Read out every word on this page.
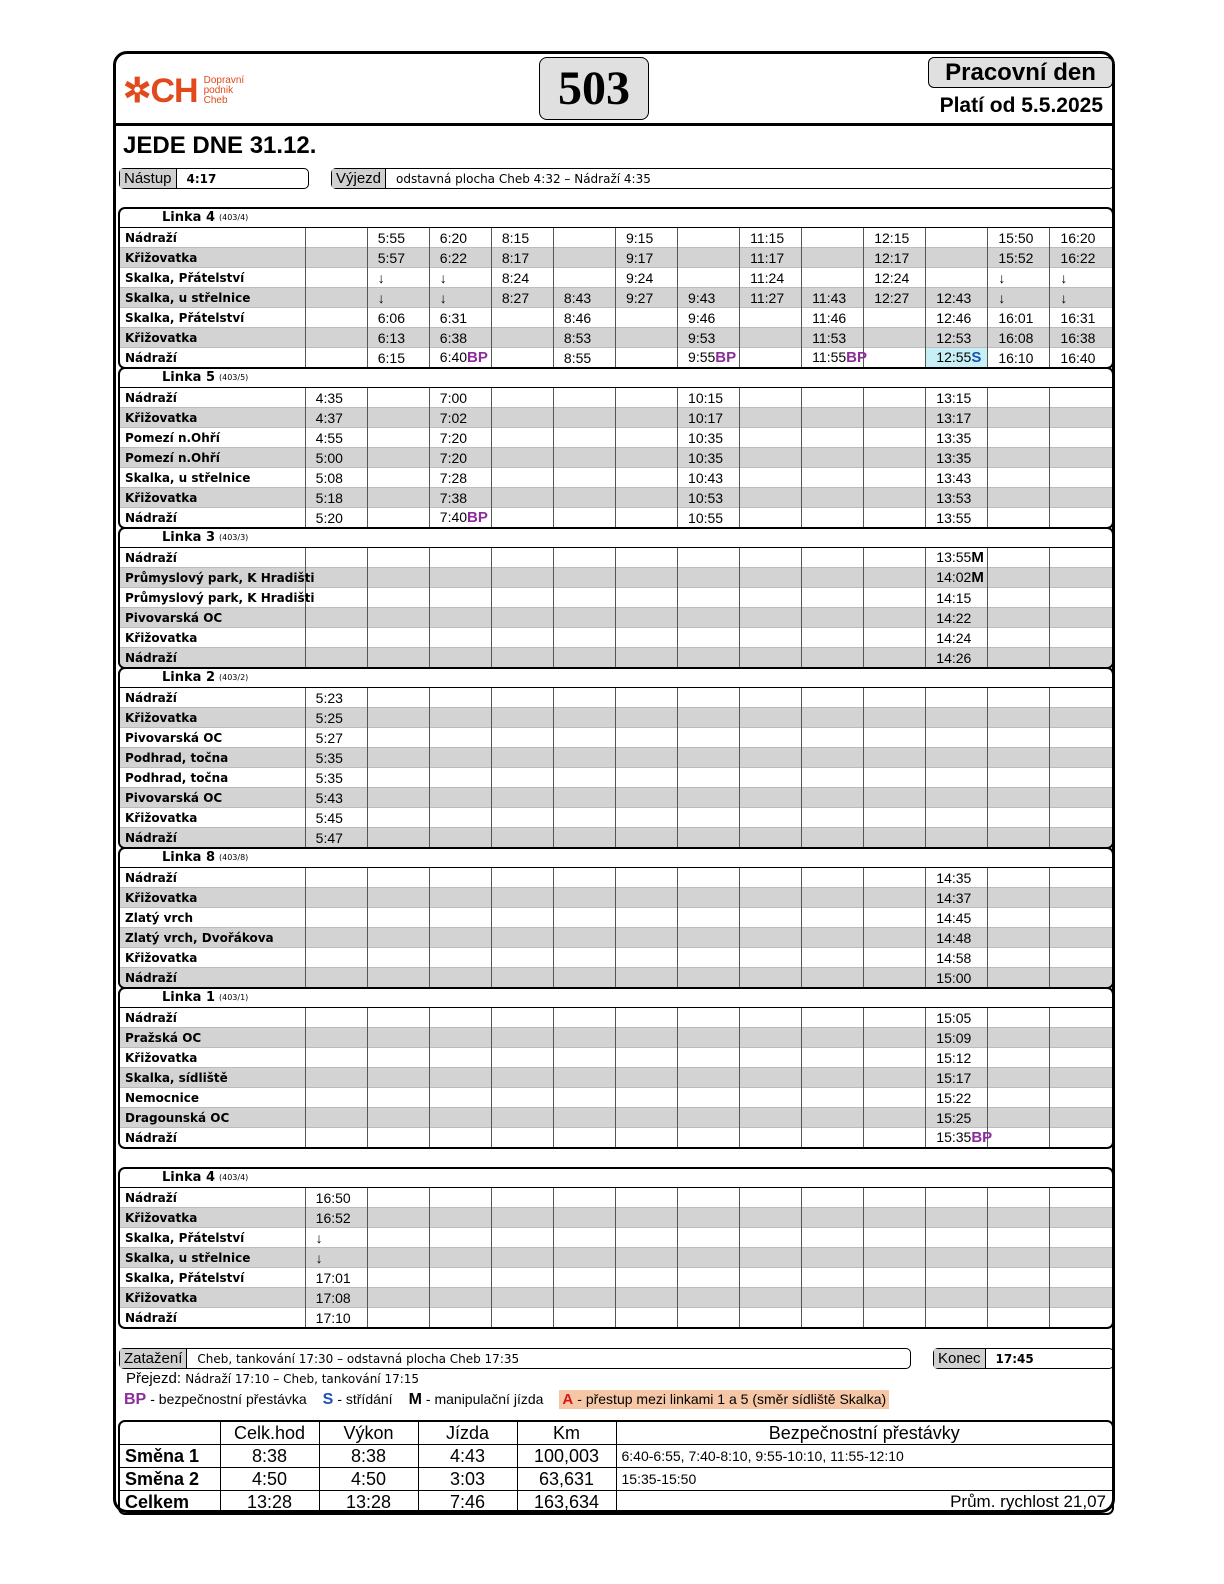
✲CH Dopravní
podnik
Cheb	503	Pracovní den
Platí od 5.5.2025
JEDE DNE 31.12.
Nástup	4:17	Výjezd	odstavná plocha Cheb 4:32 – Nádraží 4:35
Linka 4 $^{(403/4)}$
Nádraží		5:55	6:20	8:15		9:15		11:15		12:15		15:50	16:20
Křižovatka		5:57	6:22	8:17		9:17		11:17		12:17		15:52	16:22
Skalka, Přátelství		↓	↓	8:24		9:24		11:24		12:24		↓	↓
Skalka, u střelnice		↓	↓	8:27	8:43	9:27	9:43	11:27	11:43	12:27	12:43	↓	↓
Skalka, Přátelství		6:06	6:31		8:46		9:46		11:46		12:46	16:01	16:31
Křižovatka		6:13	6:38		8:53		9:53		11:53		12:53	16:08	16:38
Nádraží		6:15	6:40BP		8:55		9:55BP		11:55BP		12:55S	16:10	16:40
Linka 5 $^{(403/5)}$
Nádraží	4:35		7:00				10:15				13:15		
Křižovatka	4:37		7:02				10:17				13:17		
Pomezí n.Ohří	4:55		7:20				10:35				13:35		
Pomezí n.Ohří	5:00		7:20				10:35				13:35		
Skalka, u střelnice	5:08		7:28				10:43				13:43		
Křižovatka	5:18		7:38				10:53				13:53		
Nádraží	5:20		7:40BP				10:55				13:55		
Linka 3 $^{(403/3)}$
Nádraží											13:55M		
Průmyslový park, K Hradišti											14:02M		
Průmyslový park, K Hradišti											14:15		
Pivovarská OC											14:22		
Křižovatka											14:24		
Nádraží											14:26		
Linka 2 $^{(403/2)}$
Nádraží	5:23												
Křižovatka	5:25												
Pivovarská OC	5:27												
Podhrad, točna	5:35												
Podhrad, točna	5:35												
Pivovarská OC	5:43												
Křižovatka	5:45												
Nádraží	5:47												
Linka 8 $^{(403/8)}$
Nádraží											14:35		
Křižovatka											14:37		
Zlatý vrch											14:45		
Zlatý vrch, Dvořákova											14:48		
Křižovatka											14:58		
Nádraží											15:00		
Linka 1 $^{(403/1)}$
Nádraží											15:05		
Pražská OC											15:09		
Křižovatka											15:12		
Skalka, sídliště											15:17		
Nemocnice											15:22		
Dragounská OC											15:25		
Nádraží											15:35BP		
Linka 4 $^{(403/4)}$
Nádraží	16:50												
Křižovatka	16:52												
Skalka, Přátelství	↓												
Skalka, u střelnice	↓												
Skalka, Přátelství	17:01												
Křižovatka	17:08												
Nádraží	17:10												
Zatažení	Cheb, tankování 17:30 – odstavná plocha Cheb 17:35	Konec	17:45
Přejezd: Nádraží 17:10 – Cheb, tankování 17:15
BP - bezpečnostní přestávka S - střídání M - manipulační jízda A - přestup mezi linkami 1 a 5 (směr sídliště Skalka)
	Celk.hod	Výkon	Jízda	Km	Bezpečnostní přestávky
Směna 1	8:38	8:38	4:43	100,003	6:40-6:55, 7:40-8:10, 9:55-10:10, 11:55-12:10
Směna 2	4:50	4:50	3:03	63,631	15:35-15:50
Celkem	13:28	13:28	7:46	163,634	Prům. rychlost 21,07
